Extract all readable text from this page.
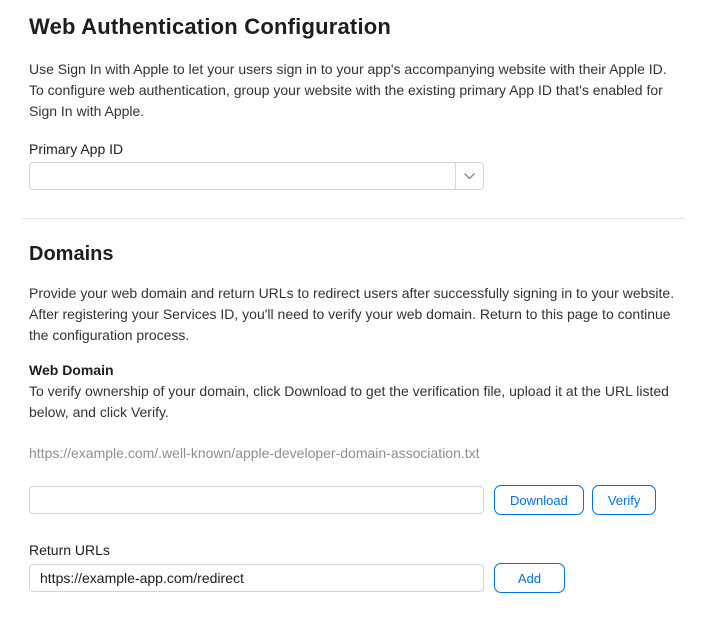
Web Authentication Configuration

Use Sign In with Apple to let your users sign in to your app's accompanying website with their Apple ID. To configure web authentication, group your website with the existing primary App ID that's enabled for Sign In with Apple.

Primary App ID
Domains

Provide your web domain and return URLs to redirect users after successfully signing in to your website. After registering your Services ID, you'll need to verify your web domain. Return to this page to continue the configuration process.

Web Domain

To verify ownership of your domain, click Download to get the verification file, upload it at the URL listed below, and click Verify.

https://example.com/.well-known/apple-developer-domain-association.txt

Download	Verify
Return URLs
https://example-app.com/redirect
Add
